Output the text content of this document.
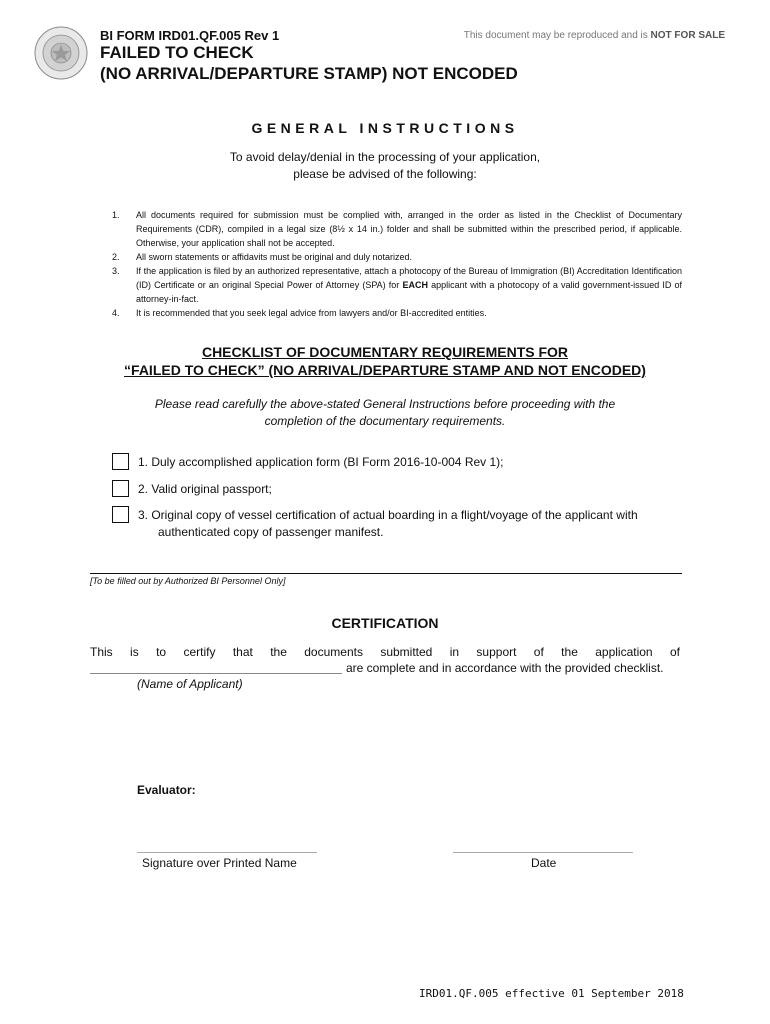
BI FORM IRD01.QF.005 Rev 1	This document may be reproduced and is NOT FOR SALE
FAILED TO CHECK
(NO ARRIVAL/DEPARTURE STAMP) NOT ENCODED
GENERAL INSTRUCTIONS
To avoid delay/denial in the processing of your application,
please be advised of the following:
1.	All documents required for submission must be complied with, arranged in the order as listed in the Checklist of Documentary Requirements (CDR), compiled in a legal size (8½ x 14 in.) folder and shall be submitted within the prescribed period, if applicable. Otherwise, your application shall not be accepted.
2.	All sworn statements or affidavits must be original and duly notarized.
3.	If the application is filed by an authorized representative, attach a photocopy of the Bureau of Immigration (BI) Accreditation Identification (ID) Certificate or an original Special Power of Attorney (SPA) for EACH applicant with a photocopy of a valid government-issued ID of attorney-in-fact.
4.	It is recommended that you seek legal advice from lawyers and/or BI-accredited entities.
CHECKLIST OF DOCUMENTARY REQUIREMENTS FOR
“FAILED TO CHECK” (NO ARRIVAL/DEPARTURE STAMP AND NOT ENCODED)
Please read carefully the above-stated General Instructions before proceeding with the
completion of the documentary requirements.
1. Duly accomplished application form (BI Form 2016-10-004 Rev 1);
2. Valid original passport;
3. Original copy of vessel certification of actual boarding in a flight/voyage of the applicant with
authenticated copy of passenger manifest.
[To be filled out by Authorized BI Personnel Only]
CERTIFICATION
This is to certify that the documents submitted in support of the application of
are complete and in accordance with the provided checklist.
(Name of Applicant)
Evaluator:
Signature over Printed Name	Date
IRD01.QF.005 effective 01 September 2018
